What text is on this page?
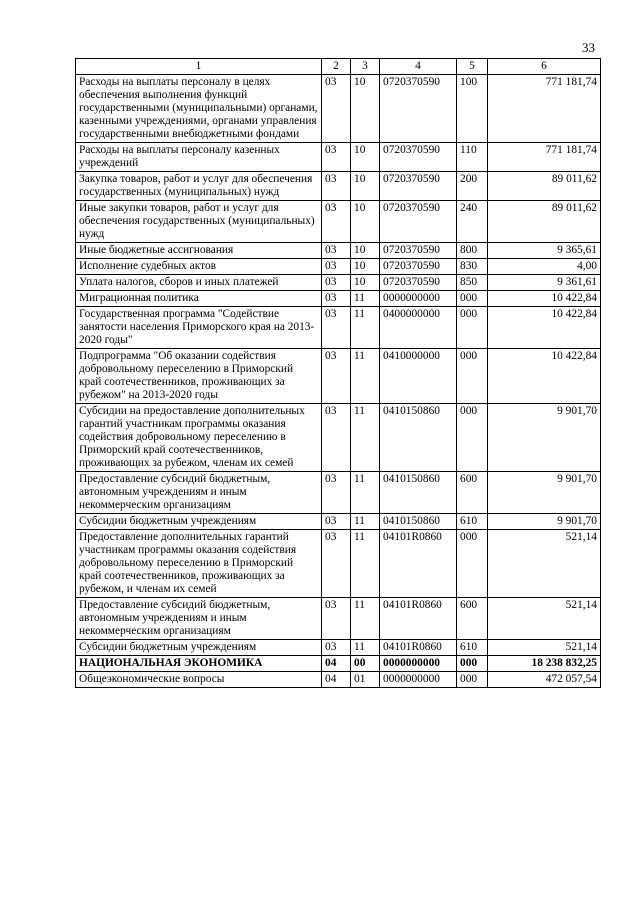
33
1	2	3	4	5	6
Расходы на выплаты персоналу в целях обеспечения выполнения функций государственными (муниципальными) органами, казенными учреждениями, органами управления государственными внебюджетными фондами	03	10	0720370590	100	771 181,74
Расходы на выплаты персоналу казенных учреждений	03	10	0720370590	110	771 181,74
Закупка товаров, работ и услуг для обеспечения государственных (муниципальных) нужд	03	10	0720370590	200	89 011,62
Иные закупки товаров, работ и услуг для обеспечения государственных (муниципальных) нужд	03	10	0720370590	240	89 011,62
Иные бюджетные ассигнования	03	10	0720370590	800	9 365,61
Исполнение судебных актов	03	10	0720370590	830	4,00
Уплата налогов, сборов и иных платежей	03	10	0720370590	850	9 361,61
Миграционная политика	03	11	0000000000	000	10 422,84
Государственная программа "Содействие занятости населения Приморского края на 2013-2020 годы"	03	11	0400000000	000	10 422,84
Подпрограмма "Об оказании содействия добровольному переселению в Приморский край соотечественников, проживающих за рубежом" на 2013-2020 годы	03	11	0410000000	000	10 422,84
Субсидии на предоставление дополнительных гарантий участникам программы оказания содействия добровольному переселению в Приморский край соотечественников, проживающих за рубежом, членам их семей	03	11	0410150860	000	9 901,70
Предоставление субсидий бюджетным, автономным учреждениям и иным некоммерческим организациям	03	11	0410150860	600	9 901,70
Субсидии бюджетным учреждениям	03	11	0410150860	610	9 901,70
Предоставление дополнительных гарантий участникам программы оказания содействия добровольному переселению в Приморский край соотечественников, проживающих за рубежом, и членам их семей	03	11	04101R0860	000	521,14
Предоставление субсидий бюджетным, автономным учреждениям и иным некоммерческим организациям	03	11	04101R0860	600	521,14
Субсидии бюджетным учреждениям	03	11	04101R0860	610	521,14
НАЦИОНАЛЬНАЯ ЭКОНОМИКА	04	00	0000000000	000	18 238 832,25
Общеэкономические вопросы	04	01	0000000000	000	472 057,54
